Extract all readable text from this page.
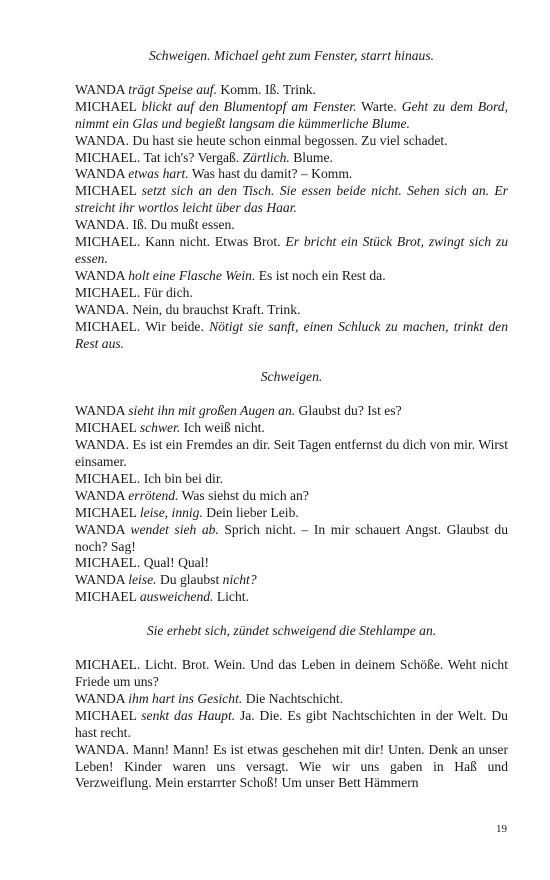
Schweigen. Michael geht zum Fenster, starrt hinaus.

WANDA trägt Speise auf. Komm. Iß. Trink.

MICHAEL blickt auf den Blumentopf am Fenster. Warte. Geht zu dem Bord, nimmt ein Glas und begießt langsam die kümmerliche Blume.

WANDA. Du hast sie heute schon einmal begossen. Zu viel schadet.

MICHAEL. Tat ich's? Vergaß. Zärtlich. Blume.

WANDA etwas hart. Was hast du damit? – Komm.

MICHAEL setzt sich an den Tisch. Sie essen beide nicht. Sehen sich an. Er streicht ihr wortlos leicht über das Haar.

WANDA. Iß. Du mußt essen.

MICHAEL. Kann nicht. Etwas Brot. Er bricht ein Stück Brot, zwingt sich zu essen.

WANDA holt eine Flasche Wein. Es ist noch ein Rest da.

MICHAEL. Für dich.

WANDA. Nein, du brauchst Kraft. Trink.

MICHAEL. Wir beide. Nötigt sie sanft, einen Schluck zu machen, trinkt den Rest aus.

Schweigen.

WANDA sieht ihn mit großen Augen an. Glaubst du? Ist es?

MICHAEL schwer. Ich weiß nicht.

WANDA. Es ist ein Fremdes an dir. Seit Tagen entfernst du dich von mir. Wirst einsamer.

MICHAEL. Ich bin bei dir.

WANDA errötend. Was siehst du mich an?

MICHAEL leise, innig. Dein lieber Leib.

WANDA wendet sieh ab. Sprich nicht. – In mir schauert Angst. Glaubst du noch? Sag!

MICHAEL. Qual! Qual!

WANDA leise. Du glaubst nicht?

MICHAEL ausweichend. Licht.

Sie erhebt sich, zündet schweigend die Stehlampe an.

MICHAEL. Licht. Brot. Wein. Und das Leben in deinem Schöße. Weht nicht Friede um uns?

WANDA ihm hart ins Gesicht. Die Nachtschicht.

MICHAEL senkt das Haupt. Ja. Die. Es gibt Nachtschichten in der Welt. Du hast recht.

WANDA. Mann! Mann! Es ist etwas geschehen mit dir! Unten. Denk an unser Leben! Kinder waren uns versagt. Wie wir uns gaben in Haß und Verzweiflung. Mein erstarrter Schoß! Um unser Bett Hämmern

19
